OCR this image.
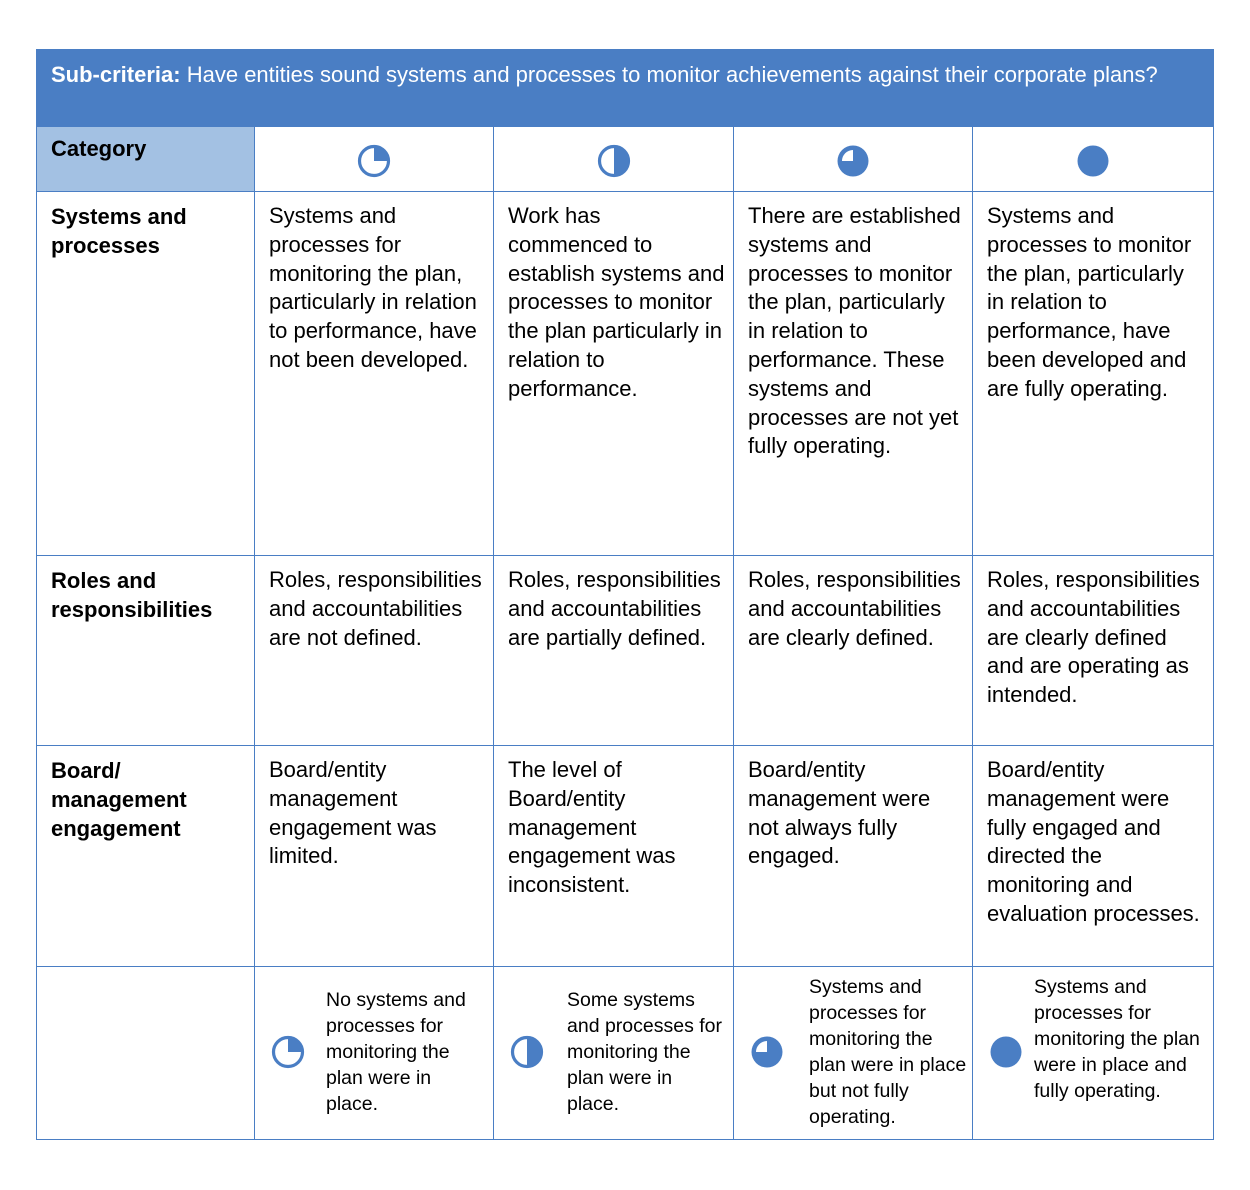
Sub-criteria: Have entities sound systems and processes to monitor achievements against their corporate plans?				
Category				
Systems and processes	Systems and processes for monitoring the plan, particularly in relation to performance, have not been developed.	Work has commenced to establish systems and processes to monitor the plan particularly in relation to performance.	There are established systems and processes to monitor the plan, particularly in relation to performance. These systems and processes are not yet fully operating.	Systems and processes to monitor the plan, particularly in relation to performance, have been developed and are fully operating.
Roles and responsibilities	Roles, responsibilities and accountabilities are not defined.	Roles, responsibilities and accountabilities are partially defined.	Roles, responsibilities and accountabilities are clearly defined.	Roles, responsibilities and accountabilities are clearly defined and are operating as intended.
Board/ management engagement	Board/entity management engagement was limited.	The level of Board/entity management engagement was inconsistent.	Board/entity management were not always fully engaged.	Board/entity management were fully engaged and directed the monitoring and evaluation processes.

	No systems and processes for monitoring the plan were in place.	Some systems and processes for monitoring the plan were in place.	Systems and processes for monitoring the plan were in place but not fully operating.	Systems and processes for monitoring the plan were in place and fully operating.
